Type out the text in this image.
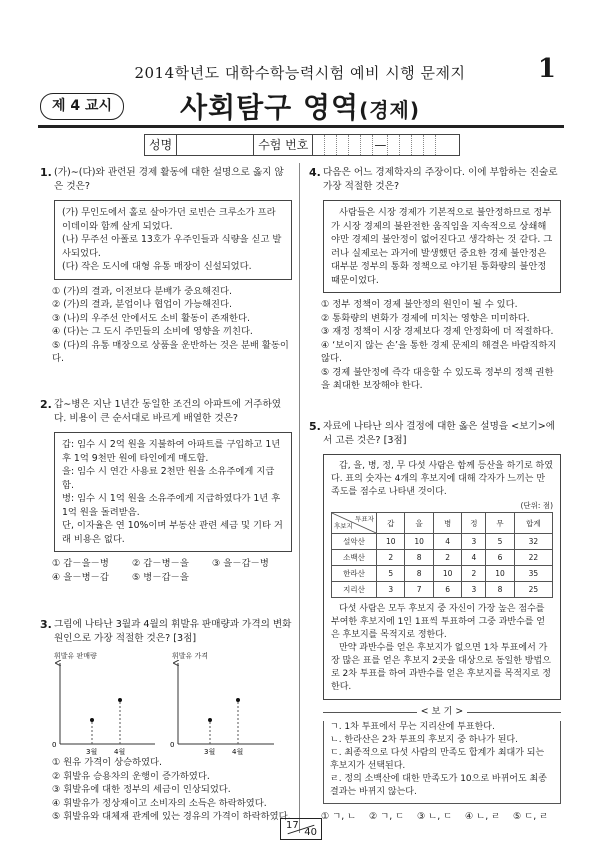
2014학년도 대학수학능력시험 예비 시행 문제지	1
제 4 교시	사회탐구 영역(경제)
성명	수험 번호	—
1. (가)∼(다)와 관련된 경제 활동에 대한 설명으로 옳지 않은 것은?
(가) 무인도에서 홀로 살아가던 로빈슨 크루소가 프라이데이와 함께 살게 되었다.
(나) 무주선 아폴로 13호가 우주인들과 식량을 싣고 발사되었다.
(다) 작은 도시에 대형 유통 매장이 신설되었다.
① (가)의 결과, 이전보다 분배가 중요해진다.
② (가)의 결과, 분업이나 협업이 가능해진다.
③ (나)의 우주선 안에서도 소비 활동이 존재한다.
④ (다)는 그 도시 주민들의 소비에 영향을 끼친다.
⑤ (다)의 유통 매장으로 상품을 운반하는 것은 분배 활동이다.
2. 갑∼병은 지난 1년간 동일한 조건의 아파트에 거주하였다. 비용이 큰 순서대로 바르게 배열한 것은?
갑: 임수 시 2억 원을 지불하여 아파트를 구입하고 1년 후 1억 9천만 원에 타인에게 매도함.
을: 임수 시 연간 사용료 2천만 원을 소유주에게 지급함.
병: 임수 시 1억 원을 소유주에게 지급하였다가 1년 후 1억 원을 돌려받음.
단, 이자율은 연 10%이며 부동산 관련 세금 및 기타 거래 비용은 없다.
① 갑－을－병	② 갑－병－을	③ 을－갑－병
④ 을－병－갑	⑤ 병－갑－을
3. 그림에 나타난 3월과 4월의 휘발유 판매량과 가격의 변화 원인으로 가장 적절한 것은? [3점]
휘발유 판매량
0
3월 4월
휘발유 가격
0
3월 4월
① 원유 가격이 상승하였다.
② 휘발유 승용차의 운행이 증가하였다.
③ 휘발유에 대한 정부의 세금이 인상되었다.
④ 휘발유가 정상재이고 소비자의 소득은 하락하였다.
⑤ 휘발유와 대체재 관계에 있는 경유의 가격이 하락하였다.
4. 다음은 어느 경제학자의 주장이다. 이에 부합하는 진술로 가장 적절한 것은?
사람들은 시장 경제가 기본적으로 불안정하므로 정부가 시장 경제의 불완전한 움직임을 지속적으로 상쇄해야만 경제의 불안정이 없어진다고 생각하는 것 같다. 그러나 실제로는 과거에 발생했던 중요한 경제 불안정은 대부분 정부의 통화 정책으로 야기된 통화량의 불안정 때문이었다.
① 정부 정책이 경제 불안정의 원인이 될 수 있다.
② 통화량의 변화가 경제에 미치는 영향은 미미하다.
③ 재정 정책이 시장 경제보다 경제 안정화에 더 적절하다.
④ ‘보이지 않는 손’을 통한 경제 문제의 해결은 바람직하지 않다.
⑤ 경제 불안정에 즉각 대응할 수 있도록 정부의 정책 권한을 최대한 보장해야 한다.
5. 자료에 나타난 의사 결정에 대한 옳은 설명을 <보기>에서 고른 것은? [3점]
갑, 을, 병, 정, 무 다섯 사람은 함께 등산을 하기로 하였다. 표의 숫자는 4개의 후보지에 대해 각자가 느끼는 만족도를 점수로 나타낸 것이다.
(단위: 점)
투표자
후보지	갑	을	병	정	무	합계
설악산	10	10	4	3	5	32
소백산	2	8	2	4	6	22
한라산	5	8	10	2	10	35
지리산	3	7	6	3	8	25
다섯 사람은 모두 후보지 중 자신이 가장 높은 점수를 부여한 후보지에 1인 1표씩 투표하여 그중 과반수를 얻은 후보지를 목적지로 정한다.
만약 과반수를 얻은 후보지가 없으면 1차 투표에서 가장 많은 표를 얻은 후보지 2곳을 대상으로 동일한 방법으로 2차 투표를 하여 과반수를 얻은 후보지를 목적지로 정한다.
< 보 기 >
ㄱ. 1차 투표에서 무는 지리산에 투표한다.
ㄴ. 한라산은 2차 투표의 후보지 중 하나가 된다.
ㄷ. 최종적으로 다섯 사람의 만족도 합계가 최대가 되는 후보지가 선택된다.
ㄹ. 정의 소백산에 대한 만족도가 10으로 바뀌어도 최종 결과는 바뀌지 않는다.
① ㄱ, ㄴ	② ㄱ, ㄷ	③ ㄴ, ㄷ	④ ㄴ, ㄹ	⑤ ㄷ, ㄹ
17
40
